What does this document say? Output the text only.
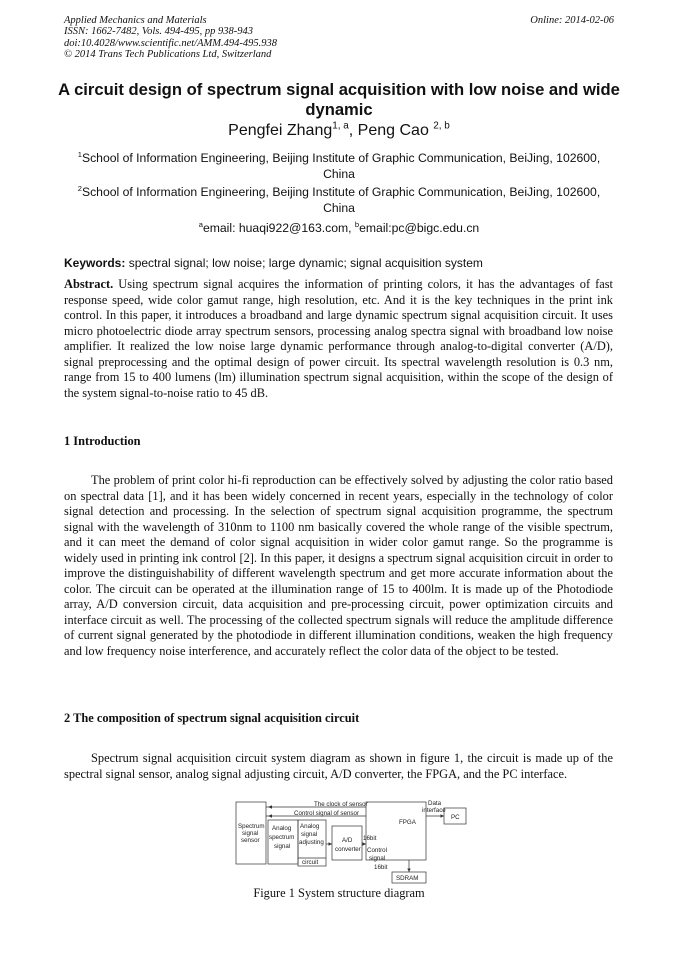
Applied Mechanics and Materials
ISSN: 1662-7482, Vols. 494-495, pp 938-943
doi:10.4028/www.scientific.net/AMM.494-495.938
© 2014 Trans Tech Publications Ltd, Switzerland
Online: 2014-02-06
A circuit design of spectrum signal acquisition with low noise and wide
dynamic
Pengfei Zhang$^{1, a}$, Peng Cao $^{2, b}$
$^1$School of Information Engineering, Beijing Institute of Graphic Communication, BeiJing, 102600,
China
$^2$School of Information Engineering, Beijing Institute of Graphic Communication, BeiJing, 102600,
China
$^a$email: huaqi922@163.com, $^b$email:pc@bigc.edu.cn
Keywords: spectral signal; low noise; large dynamic; signal acquisition system
Abstract. Using spectrum signal acquires the information of printing colors, it has the advantages of fast response speed, wide color gamut range, high resolution, etc. And it is the key techniques in the print ink control. In this paper, it introduces a broadband and large dynamic spectrum signal acquisition circuit. It uses micro photoelectric diode array spectrum sensors, processing analog spectra signal with broadband low noise amplifier. It realized the low noise large dynamic performance through analog-to-digital converter (A/D), signal preprocessing and the optimal design of power circuit. Its spectral wavelength resolution is 0.3 nm, range from 15 to 400 lumens (lm) illumination spectrum signal acquisition, within the scope of the design of the system signal-to-noise ratio to 45 dB.
1 Introduction
The problem of print color hi-fi reproduction can be effectively solved by adjusting the color ratio based on spectral data [1], and it has been widely concerned in recent years, especially in the technology of color signal detection and processing. In the selection of spectrum signal acquisition programme, the spectrum signal with the wavelength of 310nm to 1100 nm basically covered the whole range of the visible spectrum, and it can meet the demand of color signal acquisition in wider color gamut range. So the programme is widely used in printing ink control [2]. In this paper, it designs a spectrum signal acquisition circuit in order to improve the distinguishability of different wavelength spectrum and get more accurate information about the color. The circuit can be operated at the illumination range of 15 to 400lm. It is made up of the Photodiode array, A/D conversion circuit, data acquisition and pre-processing circuit, power optimization circuits and interface circuit as well. The processing of the collected spectrum signals will reduce the amplitude difference of current signal generated by the photodiode in different illumination conditions, weaken the high frequency and low frequency noise interference, and accurately reflect the color data of the object to be tested.
2 The composition of spectrum signal acquisition circuit
Spectrum signal acquisition circuit system diagram as shown in figure 1, the circuit is made up of the spectral signal sensor, analog signal adjusting circuit, A/D converter, the FPGA, and the PC interface.
The clock of sensor
Control signal of sensor
Data
interface
PC
Spectrum
signal
sensor
Analog
spectrum
signal
Analog
signal
adjusting
circuit
A/D
converter
FPGA
Control
signal
SDRAM
16bit
16bit
Figure 1 System structure diagram
